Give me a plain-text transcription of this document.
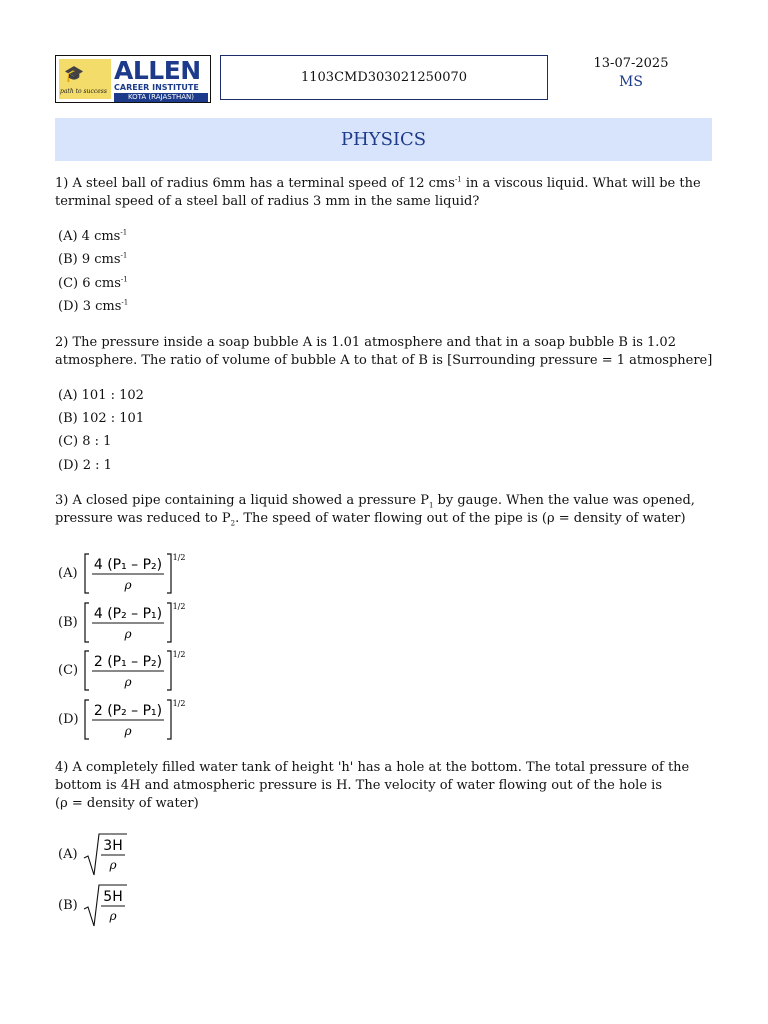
🎓
path to success
ALLEN
CAREER INSTITUTE
KOTA (RAJASTHAN)
1103CMD303021250070
13-07-2025
MS
PHYSICS
1) A steel ball of radius 6mm has a terminal speed of 12 cms$^{-1}$ in a viscous liquid. What will be the terminal speed of a steel ball of radius 3 mm in the same liquid?
(A) 4 cms$^{-1}$
(B) 9 cms$^{-1}$
(C) 6 cms$^{-1}$
(D) 3 cms$^{-1}$
2) The pressure inside a soap bubble A is 1.01 atmosphere and that in a soap bubble B is 1.02 atmosphere. The ratio of volume of bubble A to that of B is [Surrounding pressure = 1 atmosphere]
(A) 101 : 102
(B) 102 : 101
(C) 8 : 1
(D) 2 : 1
3) A closed pipe containing a liquid showed a pressure $P_1$ by gauge. When the value was opened, pressure was reduced to $P_2$. The speed of water flowing out of the pipe is (ρ = density of water)
(A)
4 (P₁ – P₂)
ρ
1/2
(B)
4 (P₂ – P₁)
ρ
1/2
(C)
2 (P₁ – P₂)
ρ
1/2
(D)
2 (P₂ – P₁)
ρ
1/2
4) A completely filled water tank of height 'h' has a hole at the bottom. The total pressure of the bottom is 4H and atmospheric pressure is H. The velocity of water flowing out of the hole is
(ρ = density of water)
(A)
3H
ρ
(B)
5H
ρ
